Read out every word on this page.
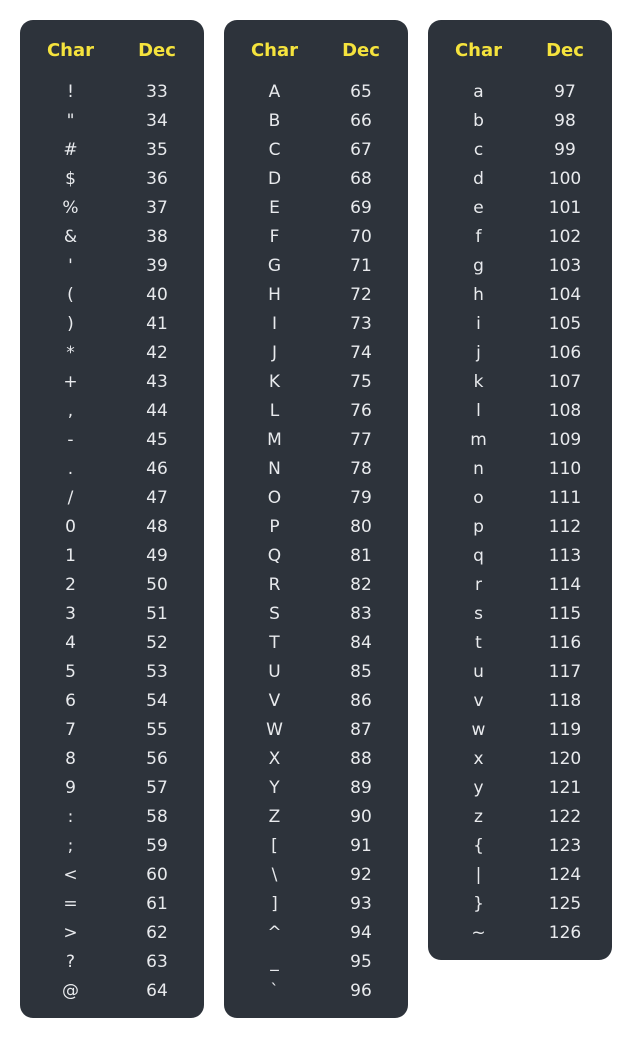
Char	Dec
!	33
"	34
#	35
$	36
%	37
&	38
'	39
(	40
)	41
*	42
+	43
,	44
-	45
.	46
/	47
0	48
1	49
2	50
3	51
4	52
5	53
6	54
7	55
8	56
9	57
:	58
;	59
<	60
=	61
>	62
?	63
@	64
Char	Dec
A	65
B	66
C	67
D	68
E	69
F	70
G	71
H	72
I	73
J	74
K	75
L	76
M	77
N	78
O	79
P	80
Q	81
R	82
S	83
T	84
U	85
V	86
W	87
X	88
Y	89
Z	90
[	91
\	92
]	93
^	94
_	95
`	96
Char	Dec
a	97
b	98
c	99
d	100
e	101
f	102
g	103
h	104
i	105
j	106
k	107
l	108
m	109
n	110
o	111
p	112
q	113
r	114
s	115
t	116
u	117
v	118
w	119
x	120
y	121
z	122
{	123
|	124
}	125
~	126
